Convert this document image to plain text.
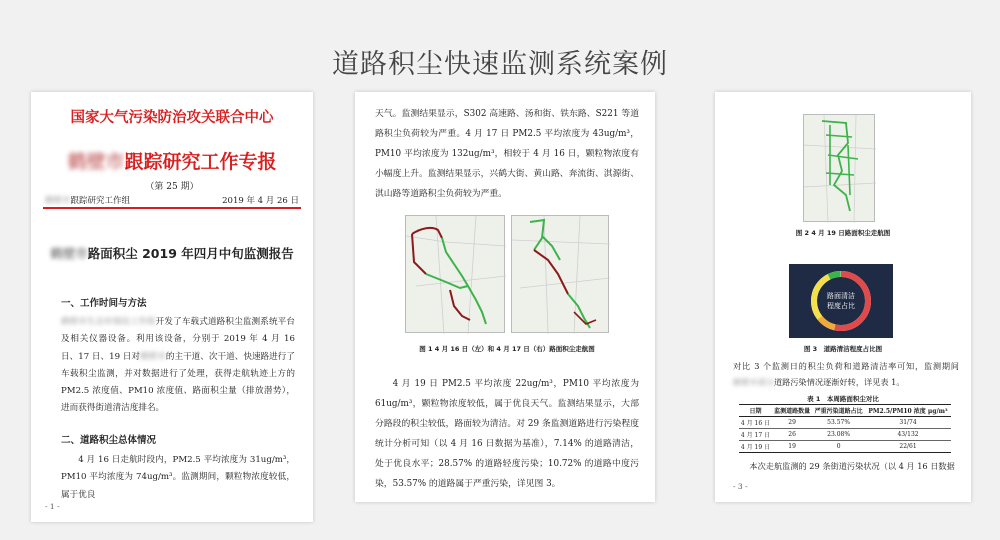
道路积尘快速监测系统案例
国家大气污染防治攻关联合中心
鹤壁市跟踪研究工作专报
（第 25 期）
鹤壁市跟踪研究工作组	2019 年 4 月 26 日
鹤壁市路面积尘 2019 年四月中旬监测报告
一、工作时间与方法
鹤壁市生态环境局工作组开发了车载式道路积尘监测系统平台及相关仪器设备。利用该设备，分别于 2019 年 4 月 16 日、17 日、19 日对鹤壁市的主干道、次干道、快速路进行了车载积尘监测，并对数据进行了处理，获得走航轨迹上方的 PM2.5 浓度值、PM10 浓度值、路面积尘量（排放潜势），进而获得街道清洁度排名。
二、道路积尘总体情况
4 月 16 日走航时段内，PM2.5 平均浓度为 31ug/m³，PM10 平均浓度为 74ug/m³。监测期间，颗粒物浓度较低，属于优良
- 1 -
天气。监测结果显示，S302 高速路、汤和街、铁东路、S221 等道路积尘负荷较为严重。4 月 17 日 PM2.5 平均浓度为 43ug/m³，PM10 平均浓度为 132ug/m³，相较于 4 月 16 日，颗粒物浓度有小幅度上升。监测结果显示，兴鹤大街、黄山路、奔流街、淇源街、淇山路等道路积尘负荷较为严重。
图 1 4 月 16 日（左）和 4 月 17 日（右）路面积尘走航图
4 月 19 日 PM2.5 平均浓度 22ug/m³，PM10 平均浓度为 61ug/m³，颗粒物浓度较低，属于优良天气。监测结果显示，大部分路段的积尘较低，路面较为清洁。对 29 条监测道路进行污染程度统计分析可知（以 4 月 16 日数据为基准），7.14% 的道路清洁，处于优良水平；28.57% 的道路轻度污染；10.72% 的道路中度污染，53.57% 的道路属于严重污染，详见图 3。
图 2 4 月 19 日路面积尘走航图
路面清洁
程度占比
图 3　道路清洁程度占比图
对比 3 个监测日的积尘负荷和道路清洁率可知，监测期间鹤壁市部分道路污染情况逐渐好转，详见表 1。
表 1　本周路面积尘对比
日期	监测道路数量	严重污染道路占比	PM2.5/PM10 浓度 μg/m³
4 月 16 日	29	53.57%	31/74
4 月 17 日	26	23.08%	43/132
4 月 19 日	19	0	22/61
本次走航监测的 29 条街道污染状况（以 4 月 16 日数据
- 3 -
